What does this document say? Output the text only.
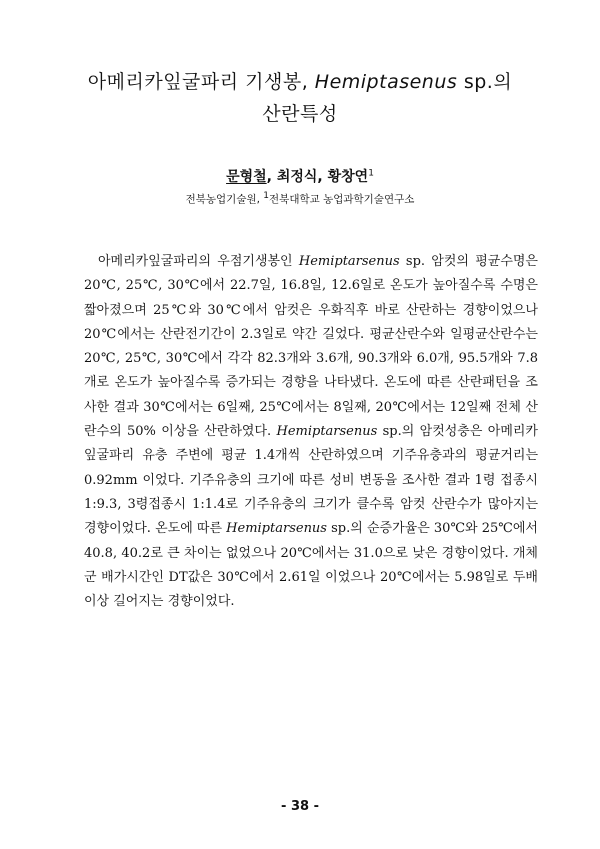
아메리카잎굴파리 기생봉, Hemiptasenus sp.의
산란특성
문형철, 최정식, 황창연$^1$
전북농업기술원, $^1$전북대학교 농업과학기술연구소

아메리카잎굴파리의 우점기생봉인 Hemiptarsenus sp. 암컷의 평균수명은 20℃, 25℃, 30℃에서 22.7일, 16.8일, 12.6일로 온도가 높아질수록 수명은 짧아졌으며 25℃와 30℃에서 암컷은 우화직후 바로 산란하는 경향이었으나 20℃에서는 산란전기간이 2.3일로 약간 길었다. 평균산란수와 일평균산란수는 20℃, 25℃, 30℃에서 각각 82.3개와 3.6개, 90.3개와 6.0개, 95.5개와 7.8개로 온도가 높아질수록 증가되는 경향을 나타냈다. 온도에 따른 산란패턴을 조사한 결과 30℃에서는 6일째, 25℃에서는 8일째, 20℃에서는 12일째 전체 산란수의 50% 이상을 산란하였다. Hemiptarsenus sp.의 암컷성충은 아메리카잎굴파리 유충 주변에 평균 1.4개씩 산란하였으며 기주유충과의 평균거리는 0.92mm 이었다. 기주유충의 크기에 따른 성비 변동을 조사한 결과 1령 접종시 1:9.3, 3령접종시 1:1.4로 기주유충의 크기가 클수록 암컷 산란수가 많아지는 경향이었다. 온도에 따른 Hemiptarsenus sp.의 순증가율은 30℃와 25℃에서 40.8, 40.2로 큰 차이는 없었으나 20℃에서는 31.0으로 낮은 경향이었다. 개체군 배가시간인 DT값은 30℃에서 2.61일 이었으나 20℃에서는 5.98일로 두배 이상 길어지는 경향이었다.

- 38 -
